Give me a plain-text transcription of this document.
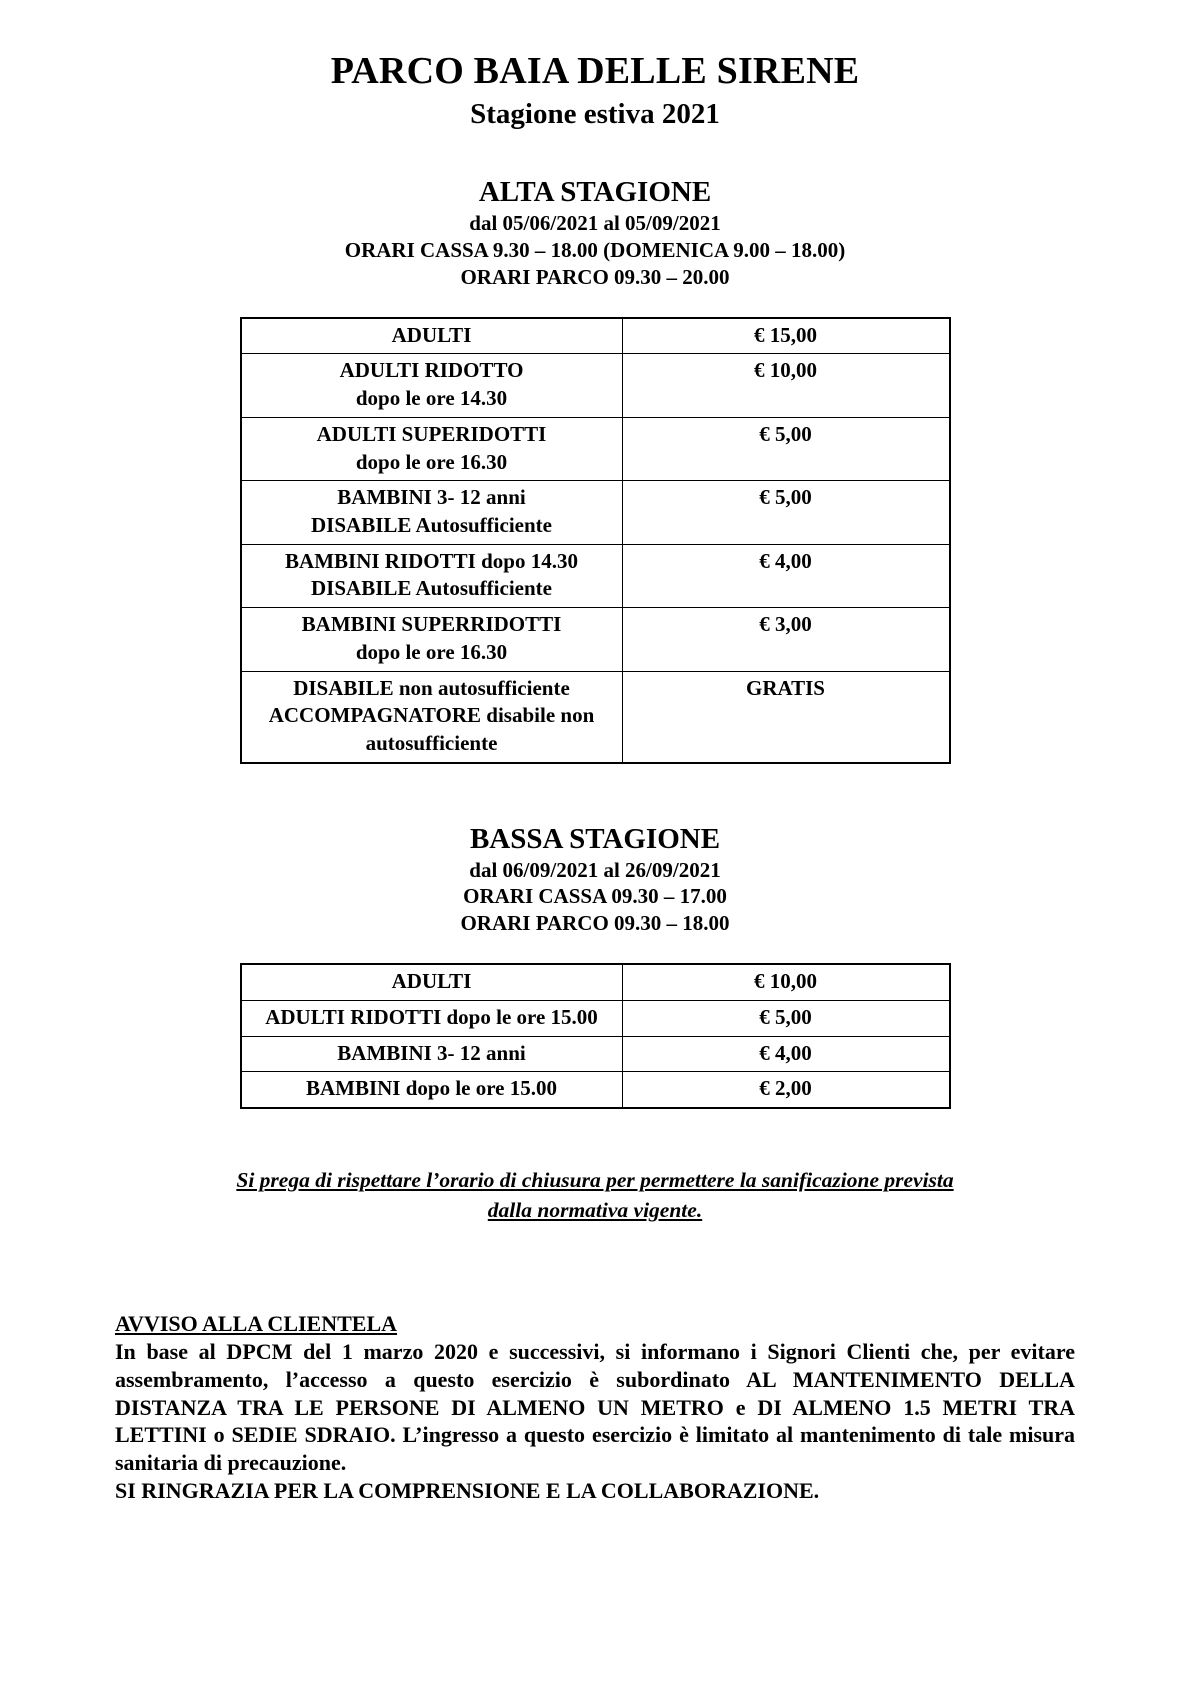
PARCO BAIA DELLE SIRENE
Stagione estiva 2021
ALTA STAGIONE
dal 05/06/2021 al 05/09/2021
ORARI CASSA 9.30 – 18.00 (DOMENICA 9.00 – 18.00)
ORARI PARCO 09.30 – 20.00
ADULTI	€ 15,00

ADULTI RIDOTTO
dopo le ore 14.30	€ 10,00

ADULTI SUPERIDOTTI
dopo le ore 16.30	€ 5,00

BAMBINI 3- 12 anni
DISABILE Autosufficiente	€ 5,00

BAMBINI RIDOTTI dopo 14.30
DISABILE Autosufficiente	€ 4,00

BAMBINI SUPERRIDOTTI
dopo le ore 16.30	€ 3,00

DISABILE non autosufficiente
ACCOMPAGNATORE disabile non
autosufficiente	GRATIS
BASSA STAGIONE
dal 06/09/2021 al 26/09/2021
ORARI CASSA 09.30 – 17.00
ORARI PARCO 09.30 – 18.00
ADULTI	€ 10,00
ADULTI RIDOTTI dopo le ore 15.00	€ 5,00
BAMBINI 3- 12 anni	€ 4,00
BAMBINI dopo le ore 15.00	€ 2,00
Si prega di rispettare l’orario di chiusura per permettere la sanificazione prevista
dalla normativa vigente.
AVVISO ALLA CLIENTELA

In base al DPCM del 1 marzo 2020 e successivi, si informano i Signori Clienti che, per evitare assembramento, l’accesso a questo esercizio è subordinato AL MANTENIMENTO DELLA DISTANZA TRA LE PERSONE DI ALMENO UN METRO e DI ALMENO 1.5 METRI TRA LETTINI o SEDIE SDRAIO. L’ingresso a questo esercizio è limitato al mantenimento di tale misura sanitaria di precauzione.

SI RINGRAZIA PER LA COMPRENSIONE E LA COLLABORAZIONE.
